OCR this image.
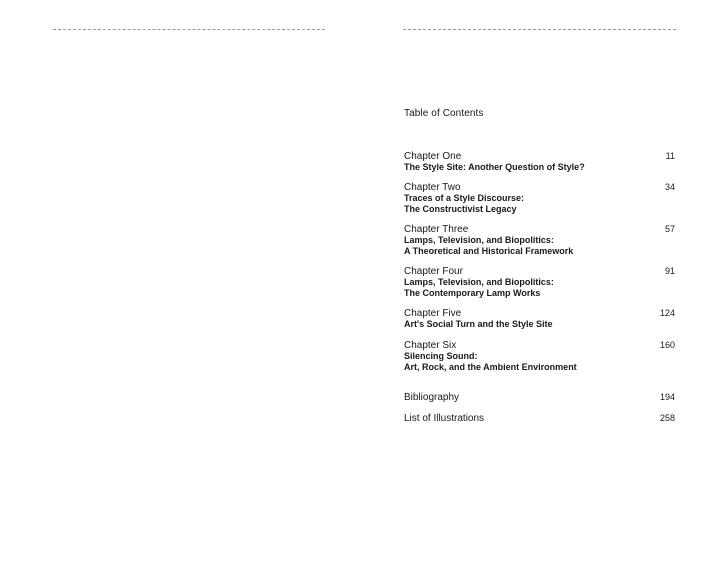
Table of Contents
Chapter One
The Style Site: Another Question of Style?
11
Chapter Two
Traces of a Style Discourse:
The Constructivist Legacy
34
Chapter Three
Lamps, Television, and Biopolitics:
A Theoretical and Historical Framework
57
Chapter Four
Lamps, Television, and Biopolitics:
The Contemporary Lamp Works
91
Chapter Five
Art's Social Turn and the Style Site
124
Chapter Six
Silencing Sound:
Art, Rock, and the Ambient Environment
160
Bibliography	194
List of Illustrations	258
